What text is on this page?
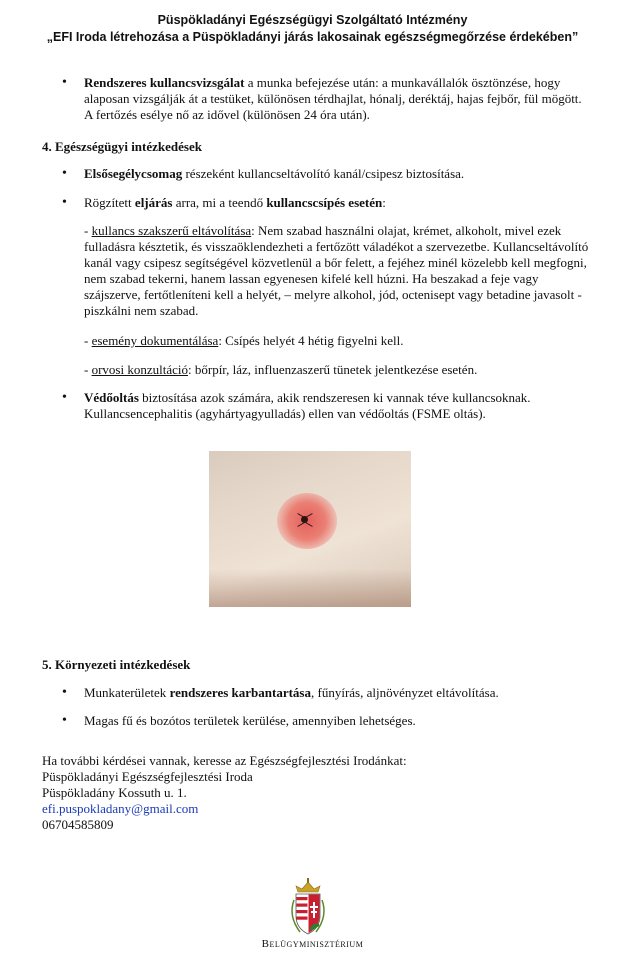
Püspökladányi Egészségügyi Szolgáltató Intézmény
„EFI Iroda létrehozása a Püspökladányi járás lakosainak egészségmegőrzése érdekében”
• Rendszeres kullancsvizsgálat a munka befejezése után: a munkavállalók ösztönzése, hogy alaposan vizsgálják át a testüket, különösen térdhajlat, hónalj, deréktáj, hajas fejbőr, fül mögött. A fertőzés esélye nő az idővel (különösen 24 óra után).

4. Egészségügyi intézkedések

• Elsősegélycsomag részeként kullancseltávolító kanál/csipesz biztosítása.
• Rögzített eljárás arra, mi a teendő kullancscsípés esetén:

- kullancs szakszerű eltávolítása: Nem szabad használni olajat, krémet, alkoholt, mivel ezek fulladásra késztetik, és visszaöklendezheti a fertőzött váladékot a szervezetbe. Kullancseltávolító kanál vagy csipesz segítségével közvetlenül a bőr felett, a fejéhez minél közelebb kell megfogni, nem szabad tekerni, hanem lassan egyenesen kifelé kell húzni. Ha beszakad a feje vagy szájszerve, fertőtleníteni kell a helyét, – melyre alkohol, jód, octenisept vagy betadine javasolt - piszkálni nem szabad.

- esemény dokumentálása: Csípés helyét 4 hétig figyelni kell.

- orvosi konzultáció: bőrpír, láz, influenzaszerű tünetek jelentkezése esetén.

• Védőoltás biztosítása azok számára, akik rendszeresen ki vannak téve kullancsoknak. Kullancsencephalitis (agyhártyagyulladás) ellen van védőoltás (FSME oltás).

5. Környezeti intézkedések

• Munkaterületek rendszeres karbantartása, fűnyírás, aljnövényzet eltávolítása.
• Magas fű és bozótos területek kerülése, amennyiben lehetséges.

Ha további kérdései vannak, keresse az Egészségfejlesztési Irodánkat:

Püspökladányi Egészségfejlesztési Iroda

Püspökladány Kossuth u. 1.

efi.puspokladany@gmail.com

06704585809

Belügyminisztérium
